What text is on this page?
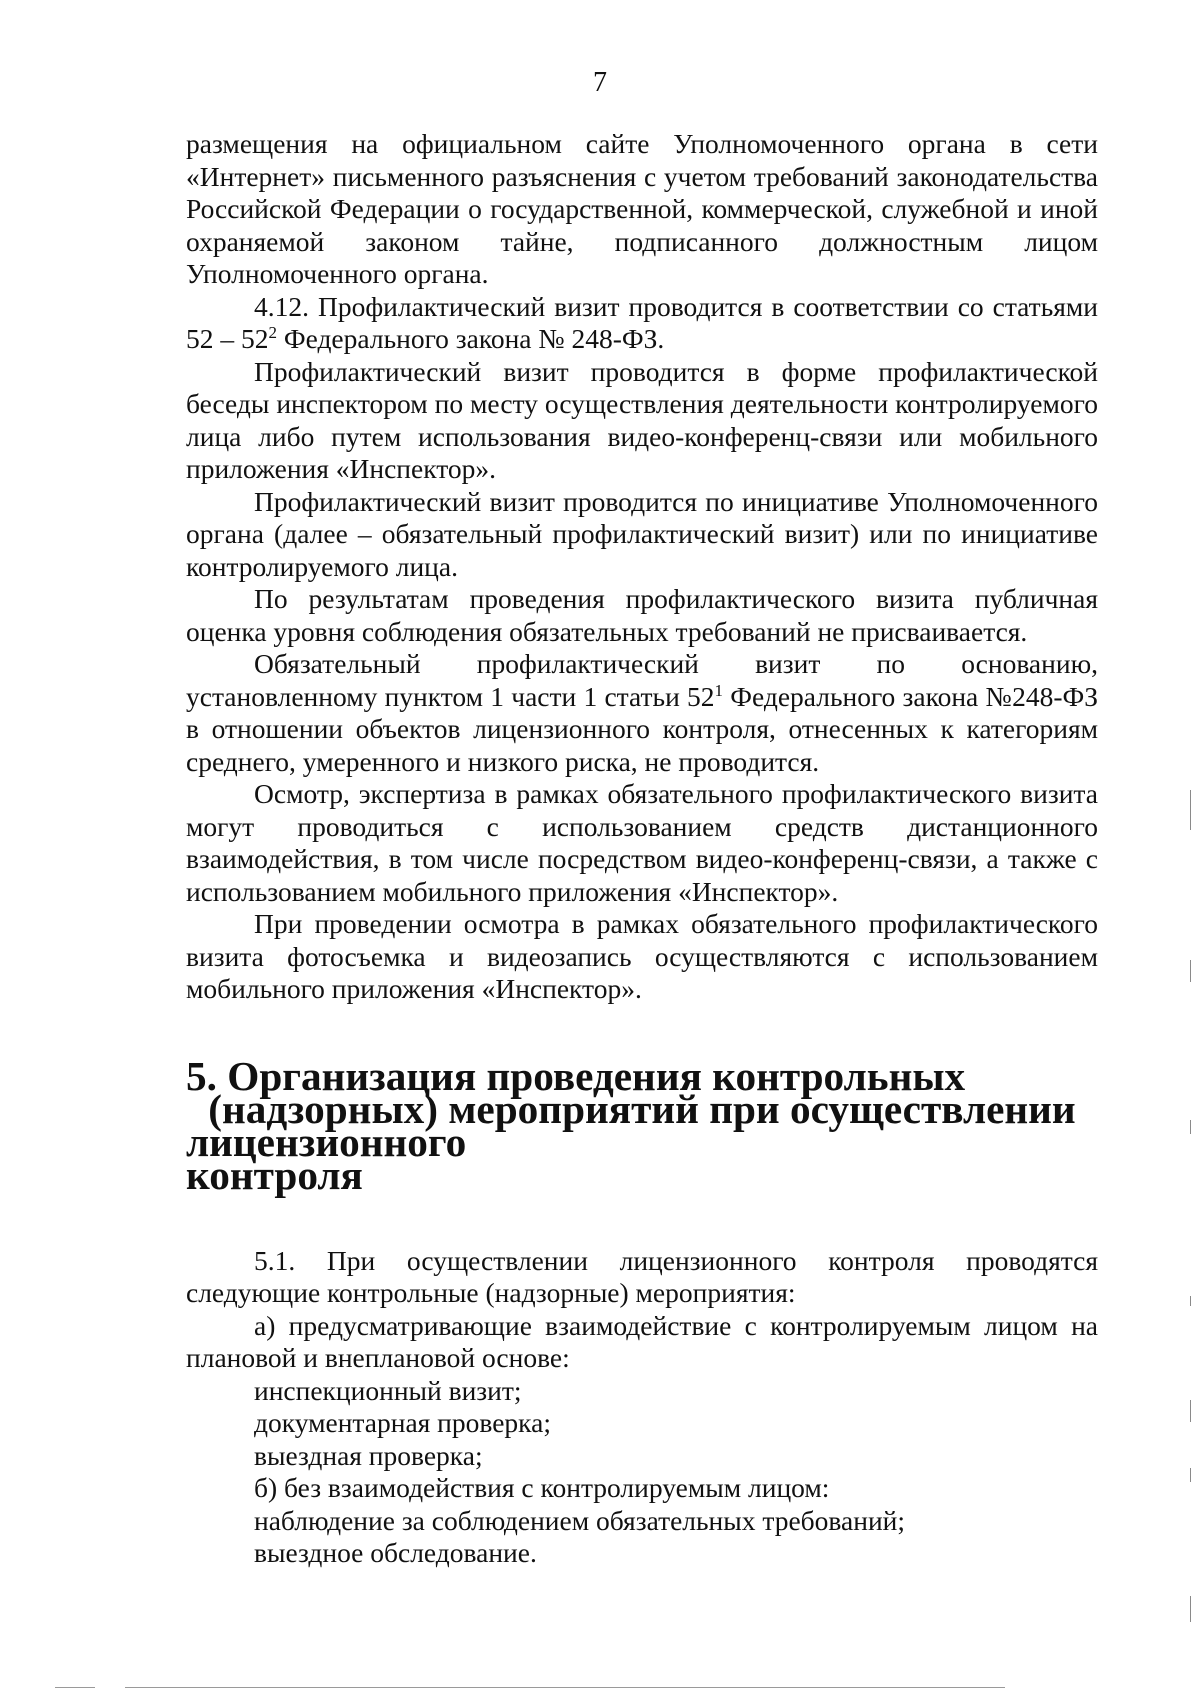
7

размещения на официальном сайте Уполномоченного органа в сети «Интернет» письменного разъяснения с учетом требований законодательства Российской Федерации о государственной, коммерческой, служебной и иной охраняемой законом тайне, подписанного должностным лицом Уполномоченного органа.

4.12. Профилактический визит проводится в соответствии со статьями $52 - 52^2$ Федерального закона № 248-ФЗ.

Профилактический визит проводится в форме профилактической беседы инспектором по месту осуществления деятельности контролируемого лица либо путем использования видео-конференц-связи или мобильного приложения «Инспектор».

Профилактический визит проводится по инициативе Уполномоченного органа (далее – обязательный профилактический визит) или по инициативе контролируемого лица.

По результатам проведения профилактического визита публичная оценка уровня соблюдения обязательных требований не присваивается.

Обязательный профилактический визит по основанию, установленному пунктом 1 части 1 статьи $52^1$ Федерального закона №248-ФЗ в отношении объектов лицензионного контроля, отнесенных к категориям среднего, умеренного и низкого риска, не проводится.

Осмотр, экспертиза в рамках обязательного профилактического визита могут проводиться с использованием средств дистанционного взаимодействия, в том числе посредством видео-конференц-связи, а также с использованием мобильного приложения «Инспектор».

При проведении осмотра в рамках обязательного профилактического визита фотосъемка и видеозапись осуществляются с использованием мобильного приложения «Инспектор».

5. Организация проведения контрольных
(надзорных) мероприятий при осуществлении лицензионного
контроля

5.1. При осуществлении лицензионного контроля проводятся следующие контрольные (надзорные) мероприятия:

а) предусматривающие взаимодействие с контролируемым лицом на плановой и внеплановой основе:

инспекционный визит;

документарная проверка;

выездная проверка;

б) без взаимодействия с контролируемым лицом:

наблюдение за соблюдением обязательных требований;

выездное обследование.
